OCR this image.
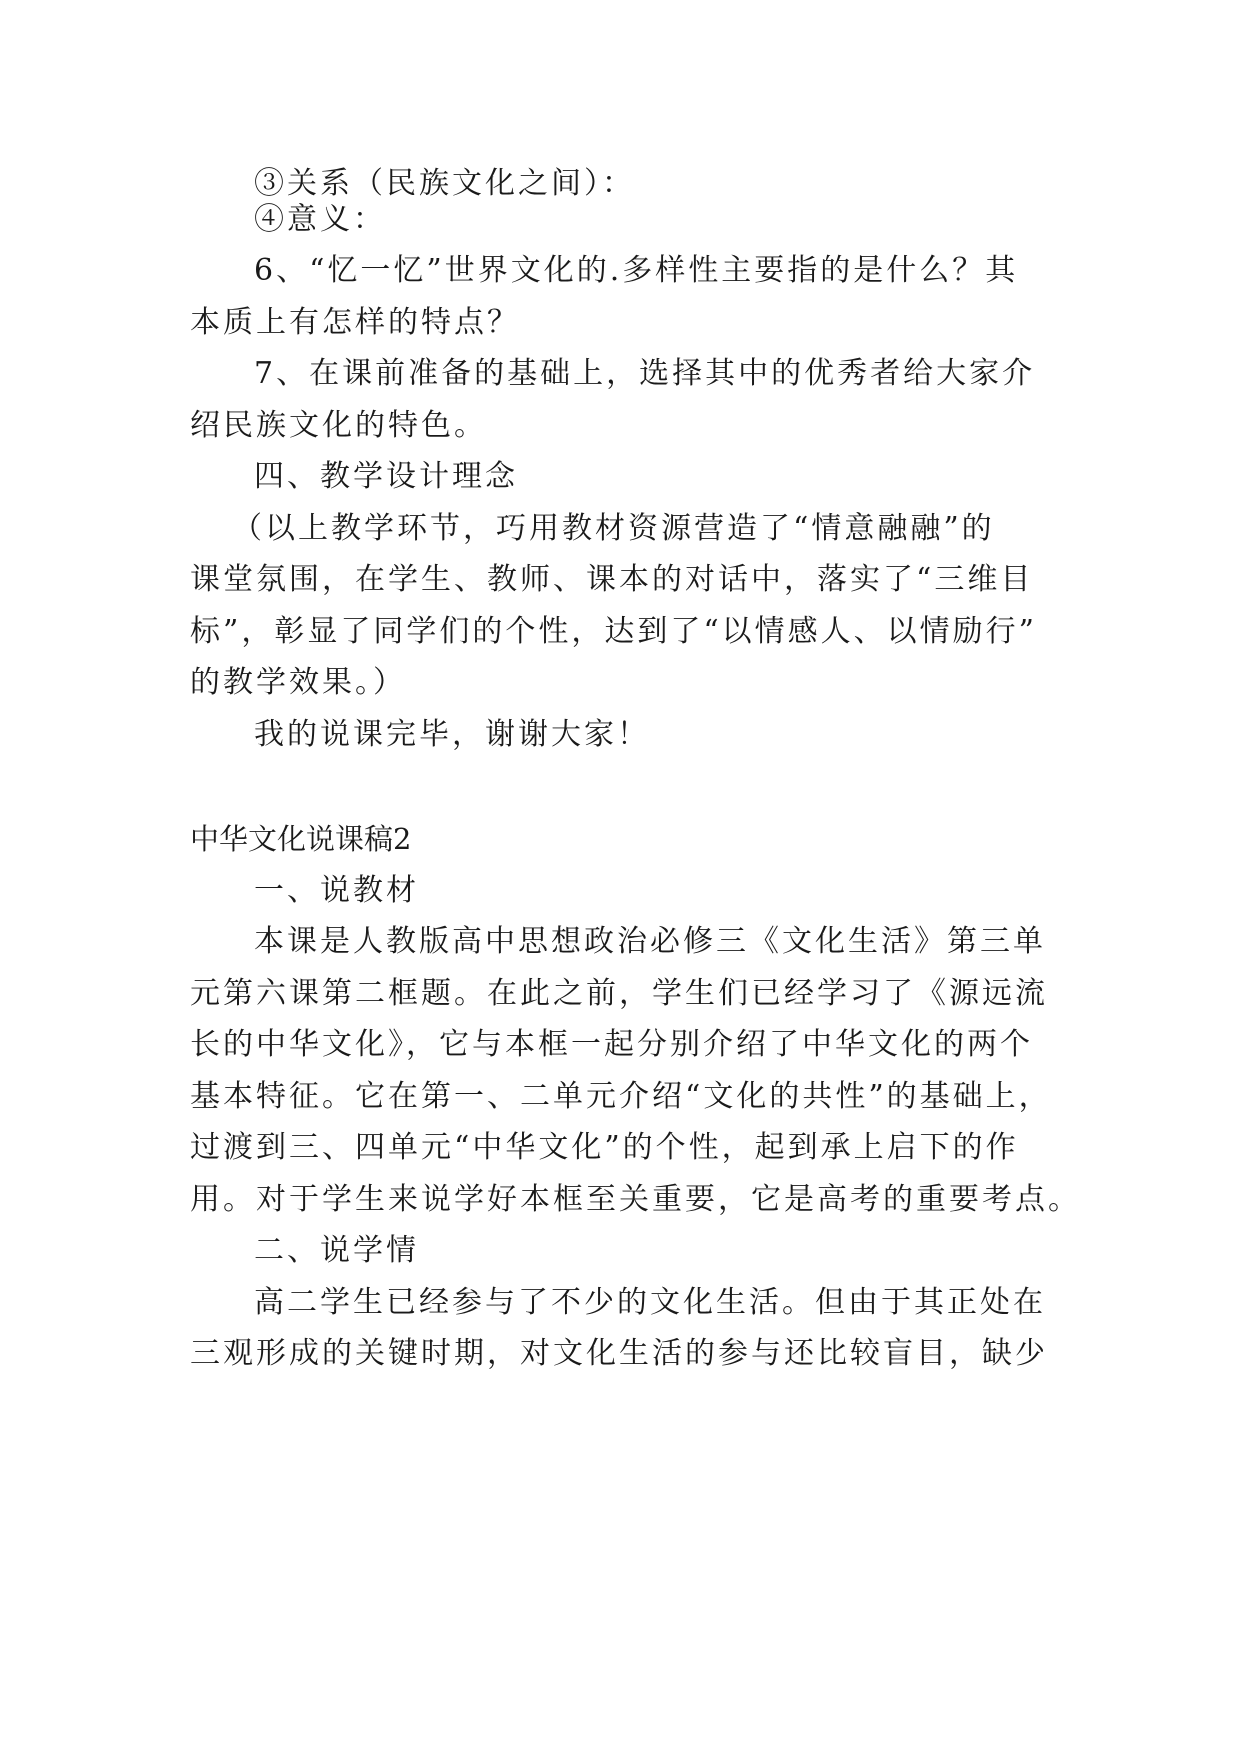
③关系（民族文化之间）：
④意义：
6、“忆一忆”世界文化的.多样性主要指的是什么？其
本质上有怎样的特点？
7、在课前准备的基础上，选择其中的优秀者给大家介
绍民族文化的特色。
四、教学设计理念
（以上教学环节，巧用教材资源营造了“情意融融”的
课堂氛围，在学生、教师、课本的对话中，落实了“三维目
标”，彰显了同学们的个性，达到了“以情感人、以情励行”
的教学效果。）
我的说课完毕，谢谢大家！
中华文化说课稿2
一、说教材
本课是人教版高中思想政治必修三《文化生活》第三单
元第六课第二框题。在此之前，学生们已经学习了《源远流
长的中华文化》，它与本框一起分别介绍了中华文化的两个
基本特征。它在第一、二单元介绍“文化的共性”的基础上，
过渡到三、四单元“中华文化”的个性，起到承上启下的作
用。对于学生来说学好本框至关重要，它是高考的重要考点。
二、说学情
高二学生已经参与了不少的文化生活。但由于其正处在
三观形成的关键时期，对文化生活的参与还比较盲目，缺少
